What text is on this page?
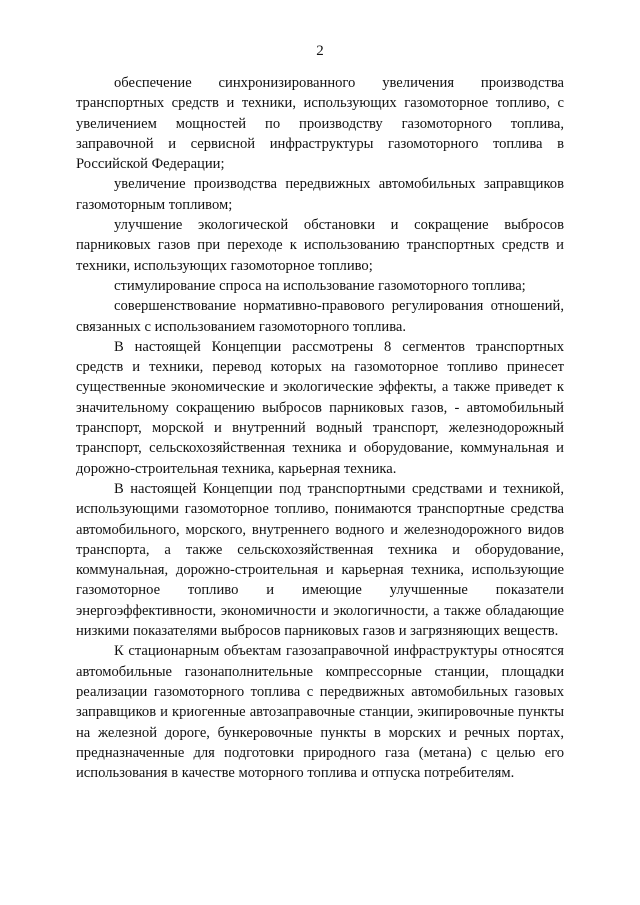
2

обеспечение синхронизированного увеличения производства транспортных средств и техники, использующих газомоторное топливо, с увеличением мощностей по производству газомоторного топлива, заправочной и сервисной инфраструктуры газомоторного топлива в Российской Федерации;

увеличение производства передвижных автомобильных заправщиков газомоторным топливом;

улучшение экологической обстановки и сокращение выбросов парниковых газов при переходе к использованию транспортных средств и техники, использующих газомоторное топливо;

стимулирование спроса на использование газомоторного топлива;

совершенствование нормативно-правового регулирования отношений, связанных с использованием газомоторного топлива.

В настоящей Концепции рассмотрены 8 сегментов транспортных средств и техники, перевод которых на газомоторное топливо принесет существенные экономические и экологические эффекты, а также приведет к значительному сокращению выбросов парниковых газов, - автомобильный транспорт, морской и внутренний водный транспорт, железнодорожный транспорт, сельскохозяйственная техника и оборудование, коммунальная и дорожно-строительная техника, карьерная техника.

В настоящей Концепции под транспортными средствами и техникой, использующими газомоторное топливо, понимаются транспортные средства автомобильного, морского, внутреннего водного и железнодорожного видов транспорта, а также сельскохозяйственная техника и оборудование, коммунальная, дорожно-строительная и карьерная техника, использующие газомоторное топливо и имеющие улучшенные показатели энергоэффективности, экономичности и экологичности, а также обладающие низкими показателями выбросов парниковых газов и загрязняющих веществ.

К стационарным объектам газозаправочной инфраструктуры относятся автомобильные газонаполнительные компрессорные станции, площадки реализации газомоторного топлива с передвижных автомобильных газовых заправщиков и криогенные автозаправочные станции, экипировочные пункты на железной дороге, бункеровочные пункты в морских и речных портах, предназначенные для подготовки природного газа (метана) с целью его использования в качестве моторного топлива и отпуска потребителям.
